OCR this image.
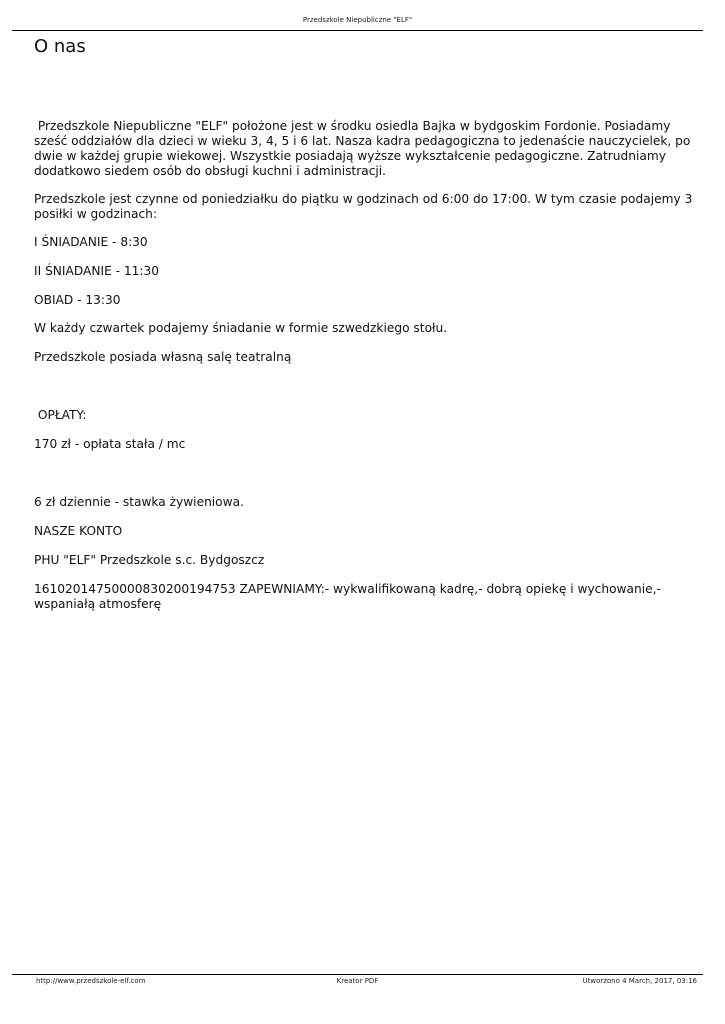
Przedszkole Niepubliczne "ELF"
O nas

Przedszkole Niepubliczne "ELF" położone jest w środku osiedla Bajka w bydgoskim Fordonie. Posiadamy sześć oddziałów dla dzieci w wieku 3, 4, 5 i 6 lat. Nasza kadra pedagogiczna to jedenaście nauczycielek, po dwie w każdej grupie wiekowej. Wszystkie posiadają wyższe wykształcenie pedagogiczne. Zatrudniamy dodatkowo siedem osób do obsługi kuchni i administracji.

Przedszkole jest czynne od poniedziałku do piątku w godzinach od 6:00 do 17:00. W tym czasie podajemy 3 posiłki w godzinach:

I ŚNIADANIE - 8:30

II ŚNIADANIE - 11:30

OBIAD - 13:30

W każdy czwartek podajemy śniadanie w formie szwedzkiego stołu.

Przedszkole posiada własną salę teatralną

OPŁATY:

170 zł - opłata stała / mc

6 zł dziennie - stawka żywieniowa.

NASZE KONTO

PHU "ELF" Przedszkole s.c. Bydgoszcz

16102014750000830200194753 ZAPEWNIAMY:- wykwalifikowaną kadrę,- dobrą opiekę i wychowanie,- wspaniałą atmosferę

http://www.przedszkole-elf.com	Kreator PDF	Utworzono 4 March, 2017, 03:16
